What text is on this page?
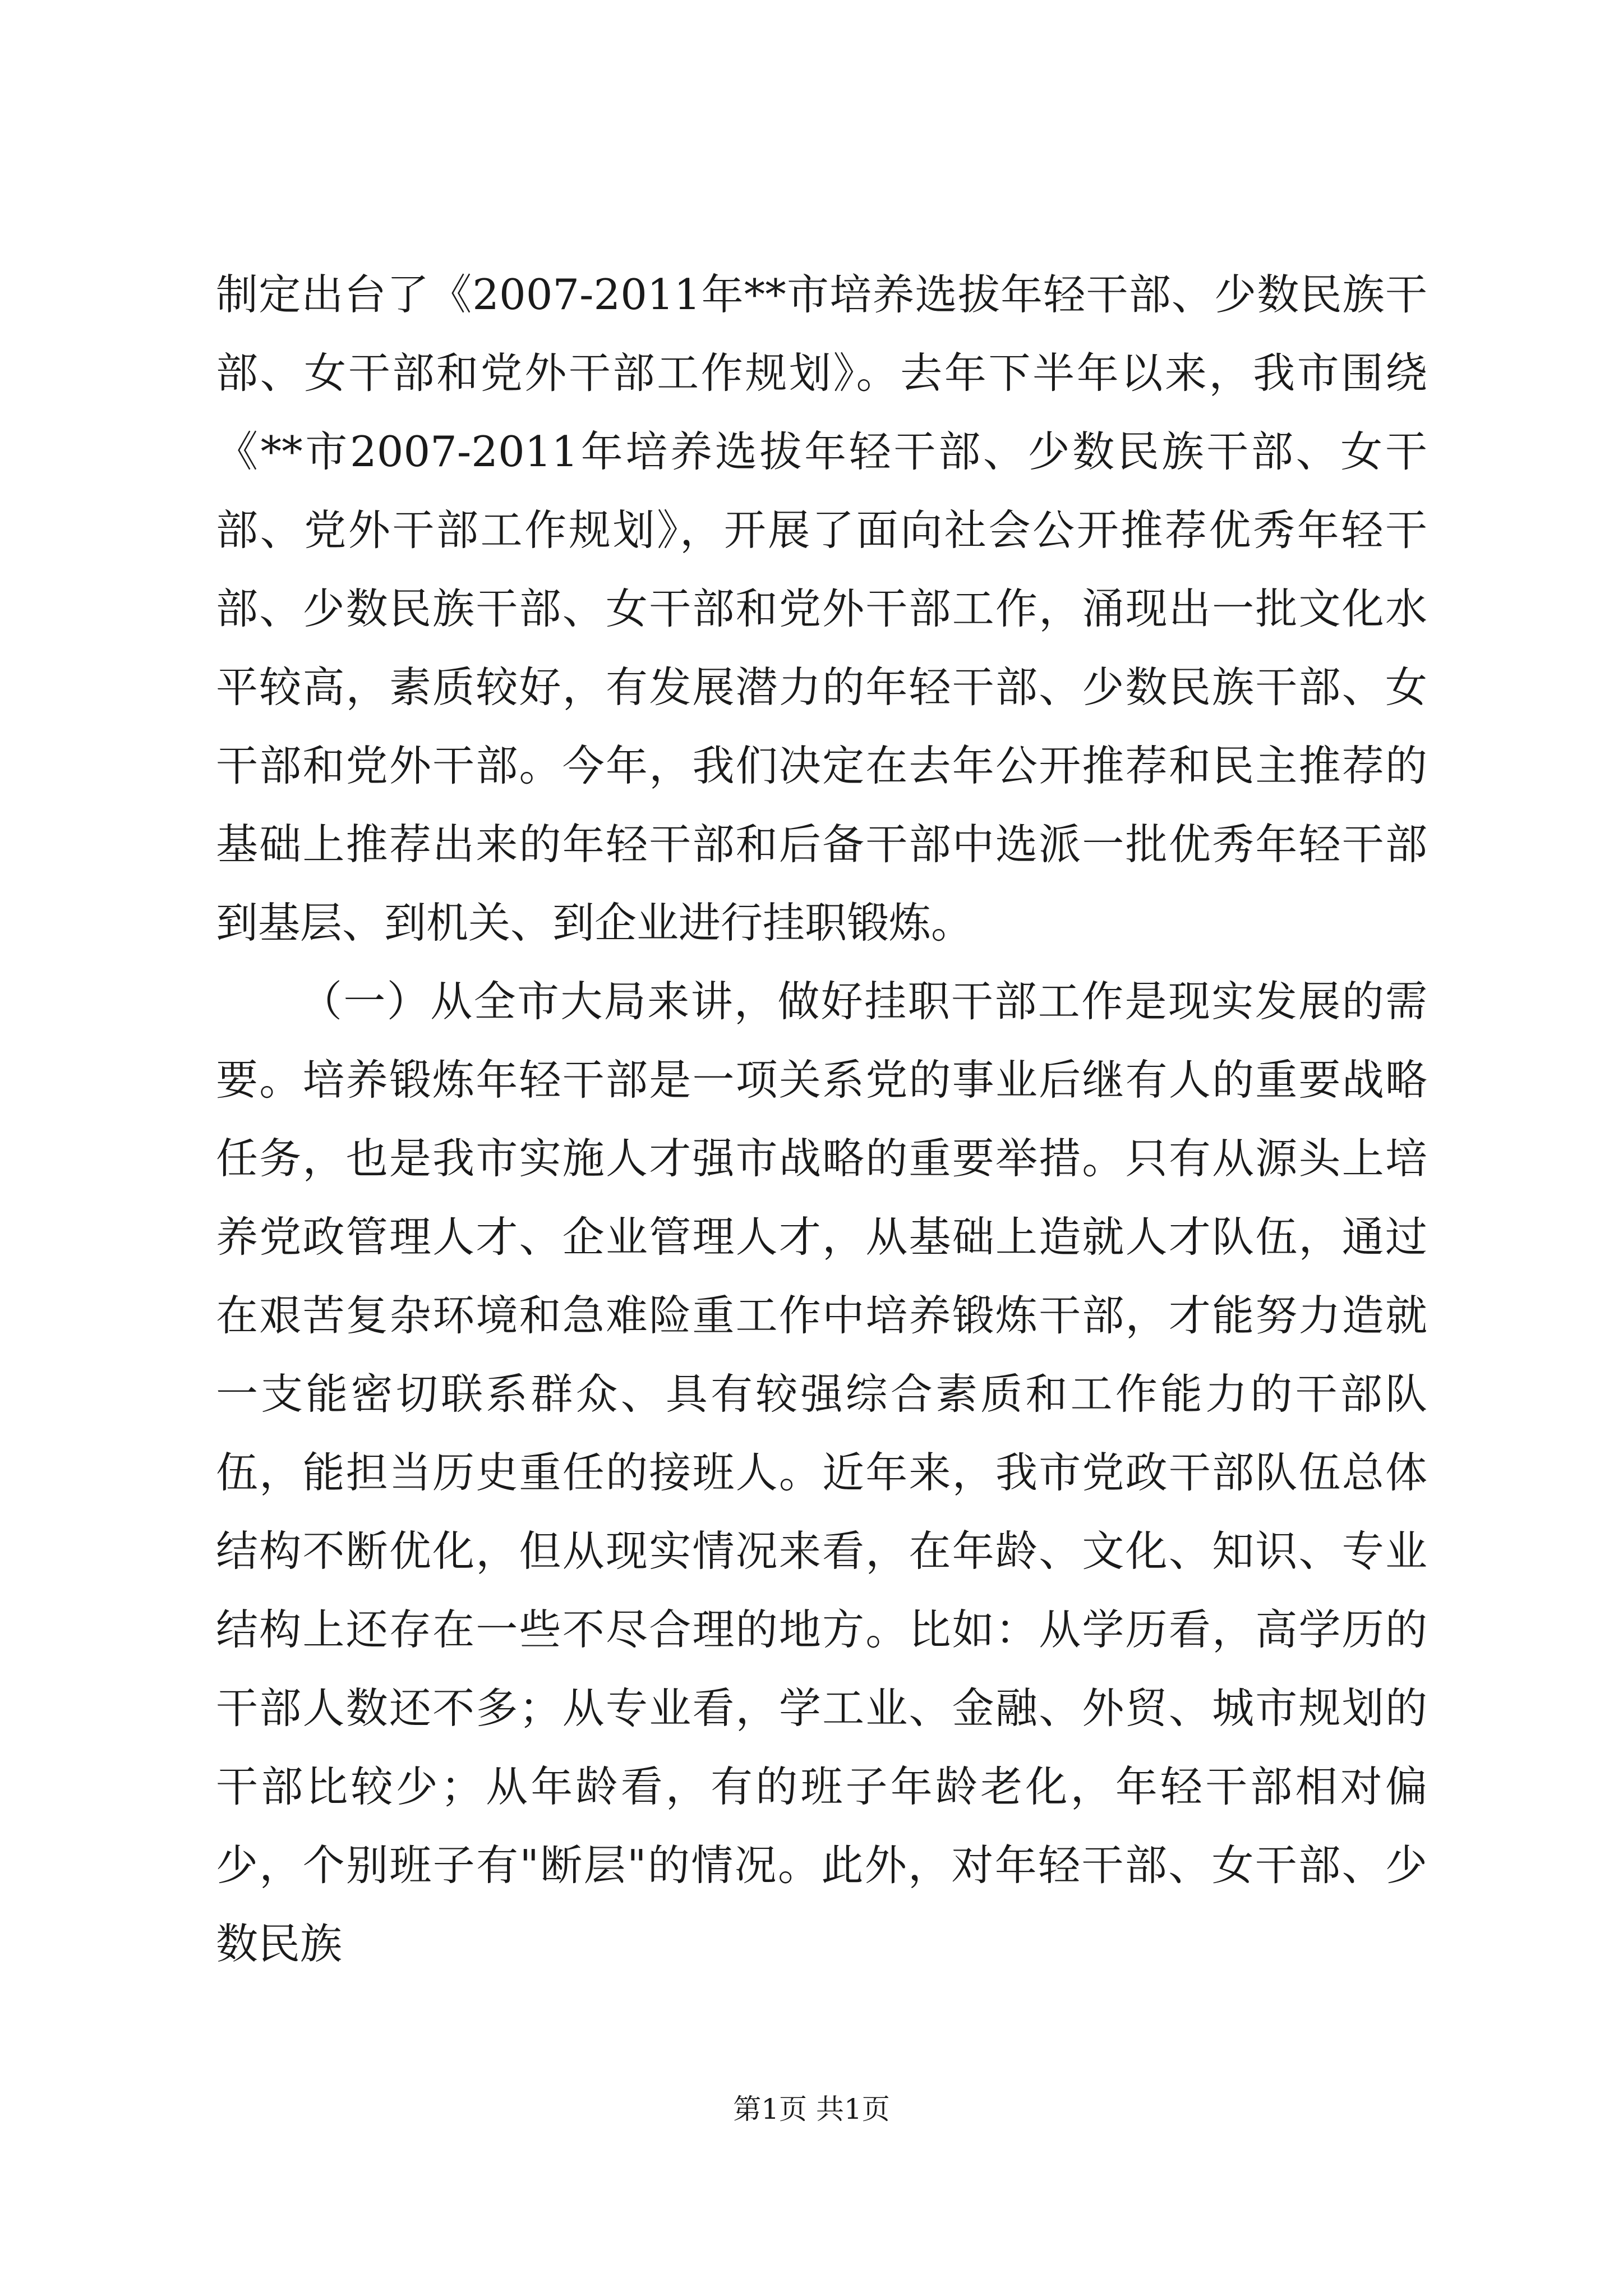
制定出台了《2007-2011年**市培养选拔年轻干部、少数民族干部、女干部和党外干部工作规划》。去年下半年以来，我市围绕《**市2007-2011年培养选拔年轻干部、少数民族干部、女干部、党外干部工作规划》，开展了面向社会公开推荐优秀年轻干部、少数民族干部、女干部和党外干部工作，涌现出一批文化水平较高，素质较好，有发展潜力的年轻干部、少数民族干部、女干部和党外干部。今年，我们决定在去年公开推荐和民主推荐的基础上推荐出来的年轻干部和后备干部中选派一批优秀年轻干部到基层、到机关、到企业进行挂职锻炼。

（一）从全市大局来讲，做好挂职干部工作是现实发展的需要。培养锻炼年轻干部是一项关系党的事业后继有人的重要战略任务，也是我市实施人才强市战略的重要举措。只有从源头上培养党政管理人才、企业管理人才，从基础上造就人才队伍，通过在艰苦复杂环境和急难险重工作中培养锻炼干部，才能努力造就一支能密切联系群众、具有较强综合素质和工作能力的干部队伍，能担当历史重任的接班人。近年来，我市党政干部队伍总体结构不断优化，但从现实情况来看，在年龄、文化、知识、专业结构上还存在一些不尽合理的地方。比如：从学历看，高学历的干部人数还不多；从专业看，学工业、金融、外贸、城市规划的干部比较少；从年龄看，有的班子年龄老化，年轻干部相对偏少，个别班子有"断层"的情况。此外，对年轻干部、女干部、少数民族

第1页 共1页
